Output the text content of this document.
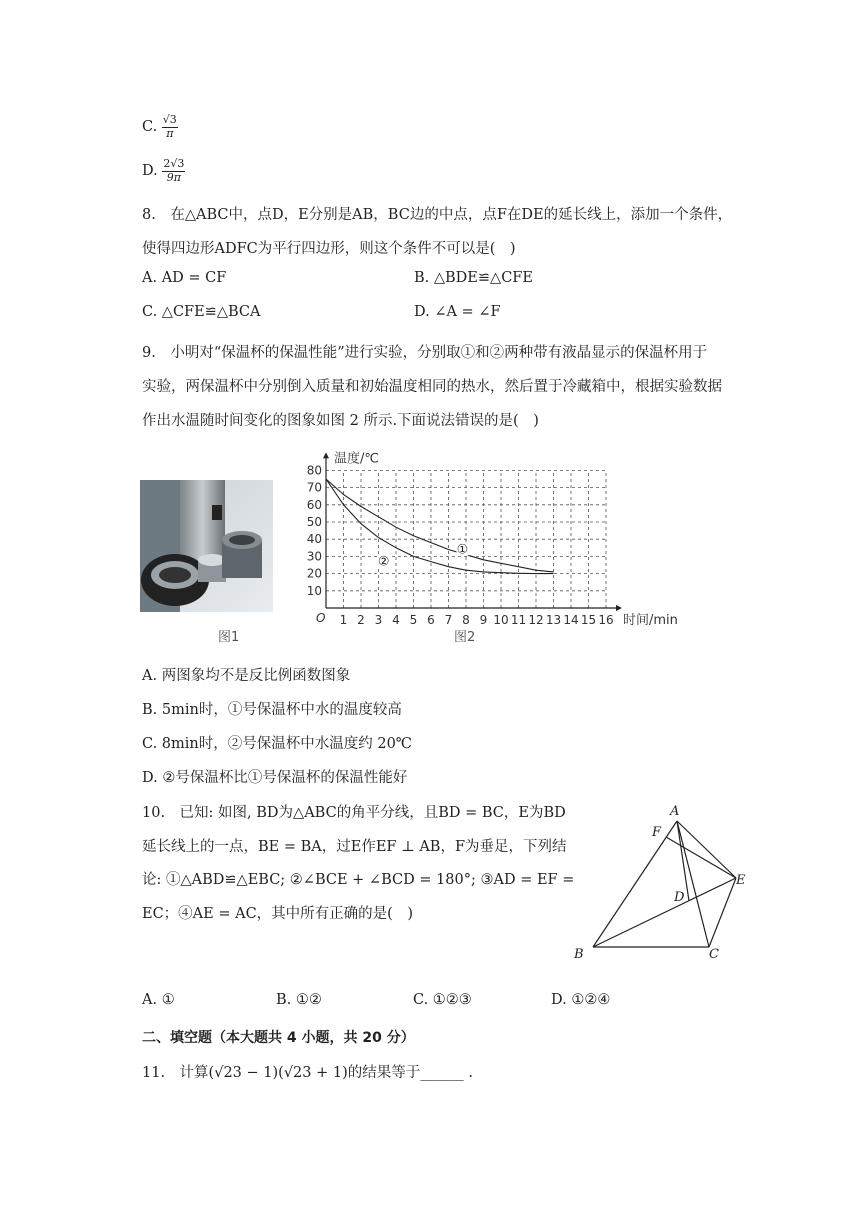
C. $\frac{√3}{\pi}$
D. $\frac{2√3}{9\pi}$
8.　在△ABC中，点D，E分别是AB，BC边的中点，点F在DE的延长线上，添加一个条件，
使得四边形ADFC为平行四边形，则这个条件不可以是(　)
A. AD = CF	B. △BDE≌△CFE
C. △CFE≌△BCA	D. ∠A = ∠F
9.　小明对“保温杯的保温性能”进行实验，分别取①和②两种带有液晶显示的保温杯用于
实验，两保温杯中分别倒入质量和初始温度相同的热水，然后置于冷藏箱中，根据实验数据
作出水温随时间变化的图象如图 2 所示.下面说法错误的是(　)
图1
1 2 3 4 5 6 7 8 9 10 11 12 13 14 15 16
10
20
30
40
50
60
70
80
O
温度/℃
时间/min
①
②
图2
A. 两图象均不是反比例函数图象
B. 5min时，①号保温杯中水的温度较高
C. 8min时，②号保温杯中水温度约 20℃
D. ②号保温杯比①号保温杯的保温性能好
10.　已知: 如图, BD为△ABC的角平分线，且BD = BC，E为BD
延长线上的一点，BE = BA，过E作EF ⊥ AB，F为垂足，下列结
论: ①△ABD≌△EBC; ②∠BCE + ∠BCD = 180°; ③AD = EF =
EC；④AE = AC，其中所有正确的是(　)
A
F
E
D
B	C
A. ①	B. ①②	C. ①②③	D. ①②④
二、填空题（本大题共 4 小题，共 20 分）
11.　计算(√23 − 1)(√23 + 1)的结果等于______ .
